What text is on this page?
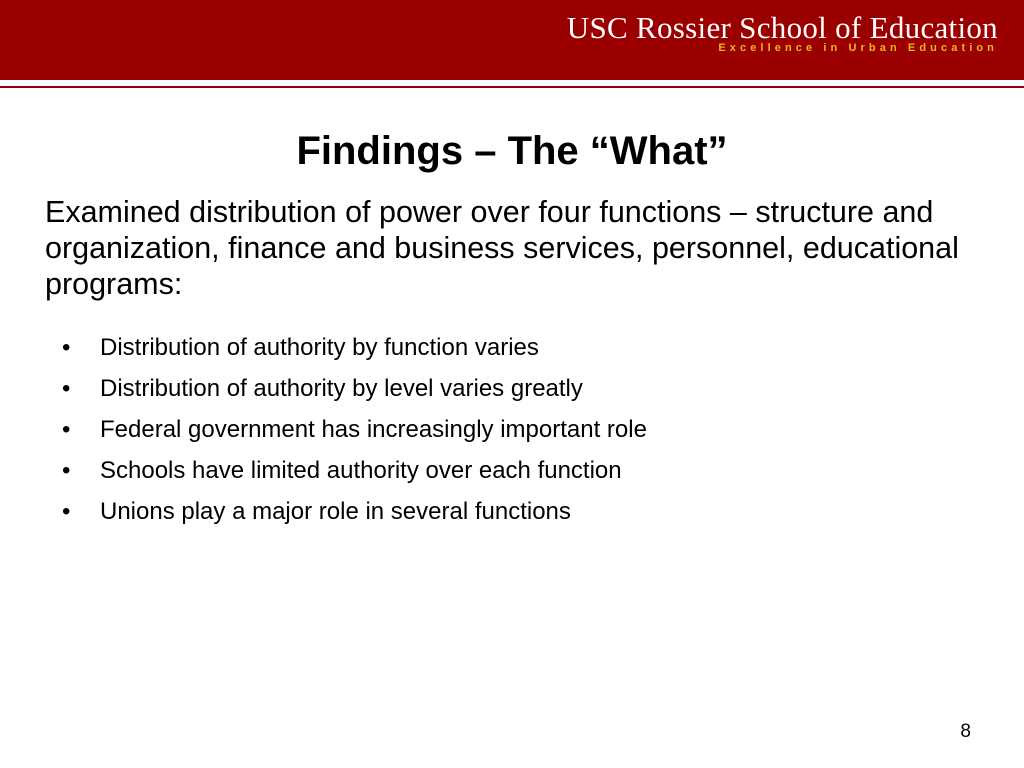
USC Rossier School of Education
Excellence in Urban Education
Findings – The “What”

Examined distribution of power over four functions – structure and organization, finance and business services, personnel, educational programs:

• Distribution of authority by function varies
• Distribution of authority by level varies greatly
• Federal government has increasingly important role
• Schools have limited authority over each function
• Unions play a major role in several functions
8
